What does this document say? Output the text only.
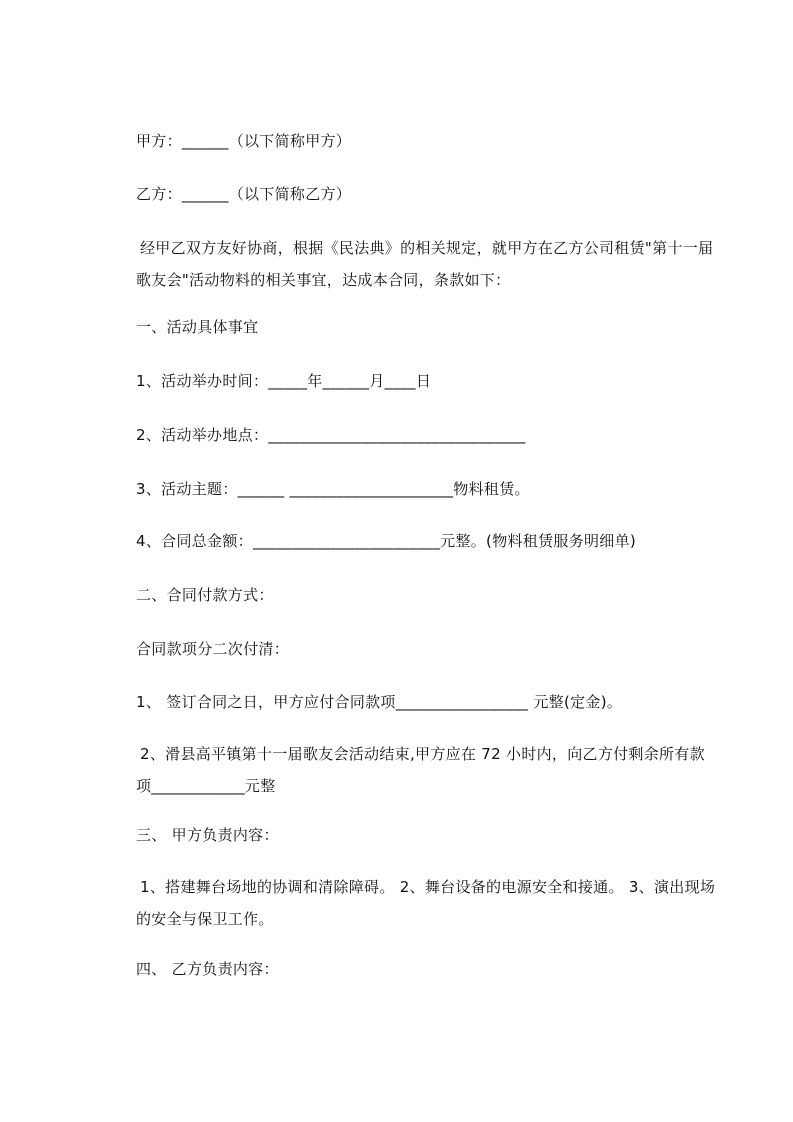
甲方：______（以下简称甲方）
乙方：______（以下简称乙方）
经甲乙双方友好协商，根据《民法典》的相关规定，就甲方在乙方公司租赁"第十一届歌友会"活动物料的相关事宜，达成本合同，条款如下：
一、活动具体事宜
1、活动举办时间：_____年______月____日
2、活动举办地点：_________________________________
3、活动主题：______ _____________________物料租赁。
4、合同总金额：________________________元整。(物料租赁服务明细单)
二、合同付款方式：
合同款项分二次付清：
1、 签订合同之日，甲方应付合同款项_________________ 元整(定金)。
2、滑县高平镇第十一届歌友会活动结束,甲方应在 72 小时内，向乙方付剩余所有款项____________元整
三、 甲方负责内容：
1、搭建舞台场地的协调和清除障碍。 2、舞台设备的电源安全和接通。 3、演出现场的安全与保卫工作。
四、 乙方负责内容：
